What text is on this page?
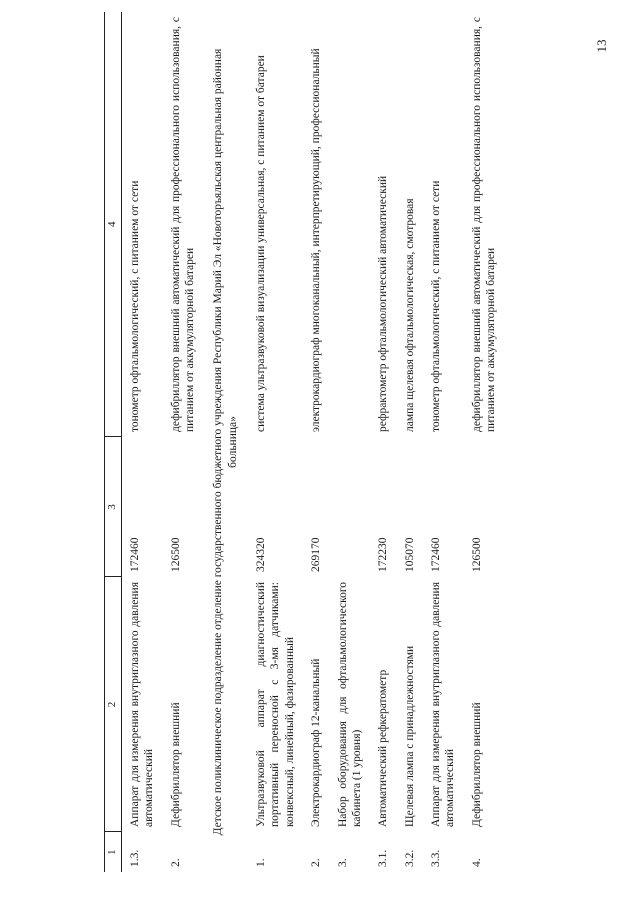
13
1	2	3	4
1.3.	Аппарат для измерения внутриглазного давления автоматический	172460	тонометр офтальмологический, с питанием от сети
2.	Дефибриллятор внешний	126500	дефибриллятор внешний автоматический для профессионального использования, с питанием от аккумуляторной батареи
Детское поликлиническое подразделение отделение государственного бюджетного учреждения Республики Марий Эл «Новоторъяльская центральная районная больница»			
1.	Ультразвуковой аппарат диагностический портативный переносной с 3-мя датчиками: конвексный, линейный, фазированный	324320	система ультразвуковой визуализации универсальная, с питанием от батареи
2.	Электрокардиограф 12-канальный	269170	электрокардиограф многоканальный, интерпретирующий, профессиональный
3.	Набор оборудования для офтальмологического кабинета (1 уровня)		
3.1.	Автоматический рефкератометр	172230	рефрактометр офтальмологический автоматический
3.2.	Щелевая лампа с принадлежностями	105070	лампа щелевая офтальмологическая, смотровая
3.3.	Аппарат для измерения внутриглазного давления автоматический	172460	тонометр офтальмологический, с питанием от сети
4.	Дефибриллятор внешний	126500	дефибриллятор внешний автоматический для профессионального использования, с питанием от аккумуляторной батареи
